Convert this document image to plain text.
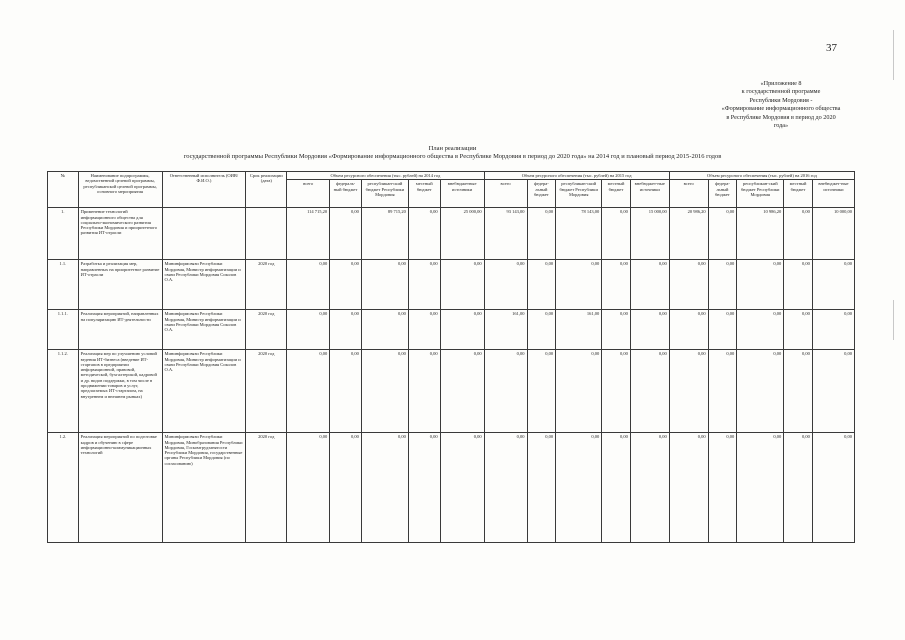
37
«Приложение 8
к государственной программе
Республики Мордовия -
«Формирование информационного общества
в Республике Мордовия в период до 2020
года»
План реализации
государственной программы Республики Мордовия «Формирование информационного общества в Республике Мордовия в период до 2020 года» на 2014 год и плановый период 2015-2016 годов
№	Наименование подпрограммы, ведомственной целевой программы, республиканской целевой программы, основного мероприятия	Ответственный исполнитель (ОИВ/Ф.И.О.)	Срок реализации (дата)	Объем ресурсного обеспечения (тыс. рублей) на 2014 год					Объем ресурсного обеспечения (тыс. рублей) на 2015 год					Объем ресурсного обеспечения (тыс. рублей) на 2016 год				
				всего	федераль-ный бюджет	республикан-ский бюджет Республики Мордовия	местный бюджет	внебюджетные источники	всего	федера-льный бюджет	республикан-ский бюджет Республики Мордовия	местный бюджет	внебюджет-ные источники	всего	федера-льный бюджет	республикан-ский бюджет Республики Мордовия	местный бюджет	внебюджет-ные источники
1.	Применение технологий информационного общества для социально-экономического развития Республики Мордовия и приоритетного развития ИТ-отрасли			114 715,20	0,00	89 715,20	0,00	25 000,00	93 143,00	0,00	78 143,00	0,00	15 000,00	20 986,20	0,00	10 986,20	0,00	10 000,00
1.1.	Разработка и реализация мер, направленных на приоритетное развитие ИТ-отрасли	Мининформсвязи Республики Мордовия, Министр информатизации и связи Республики Мордовия Соколов О.А.	2020 год	0,00	0,00	0,00	0,00	0,00	0,00	0,00	0,00	0,00	0,00	0,00	0,00	0,00	0,00	0,00
1.1.1.	Реализация мероприятий, направленных на популяризацию ИТ-деятельности	Мининформсвязи Республики Мордовия, Министр информатизации и связи Республики Мордовия Соколов О.А.	2020 год	0,00	0,00	0,00	0,00	0,00	161,00	0,00	161,00	0,00	0,00	0,00	0,00	0,00	0,00	0,00
1.1.2.	Реализация мер по улучшению условий ведения ИТ-бизнеса (введение ИТ-стартапов в предприятии информационной, правовой, методической, бухгалтерской, кадровой и др. видов поддержки, в том числе в продвижении товаров и услуг, предлагаемых ИТ-стартапом, на внутреннем и внешнем рынках)	Мининформсвязи Республики Мордовия, Министр информатизации и связи Республики Мордовия Соколов О.А.	2020 год	0,00	0,00	0,00	0,00	0,00	0,00	0,00	0,00	0,00	0,00	0,00	0,00	0,00	0,00	0,00
1.2.	Реализация мероприятий по подготовке кадров и обучению в сфере информационно-коммуникационных технологий	Мининформсвязи Республики Мордовия, Минобразования Республики Мордовия, Госкомтрудзанятости Республики Мордовия, государственные органы Республики Мордовия (по согласованию)	2020 год	0,00	0,00	0,00	0,00	0,00	0,00	0,00	0,00	0,00	0,00	0,00	0,00	0,00	0,00	0,00
